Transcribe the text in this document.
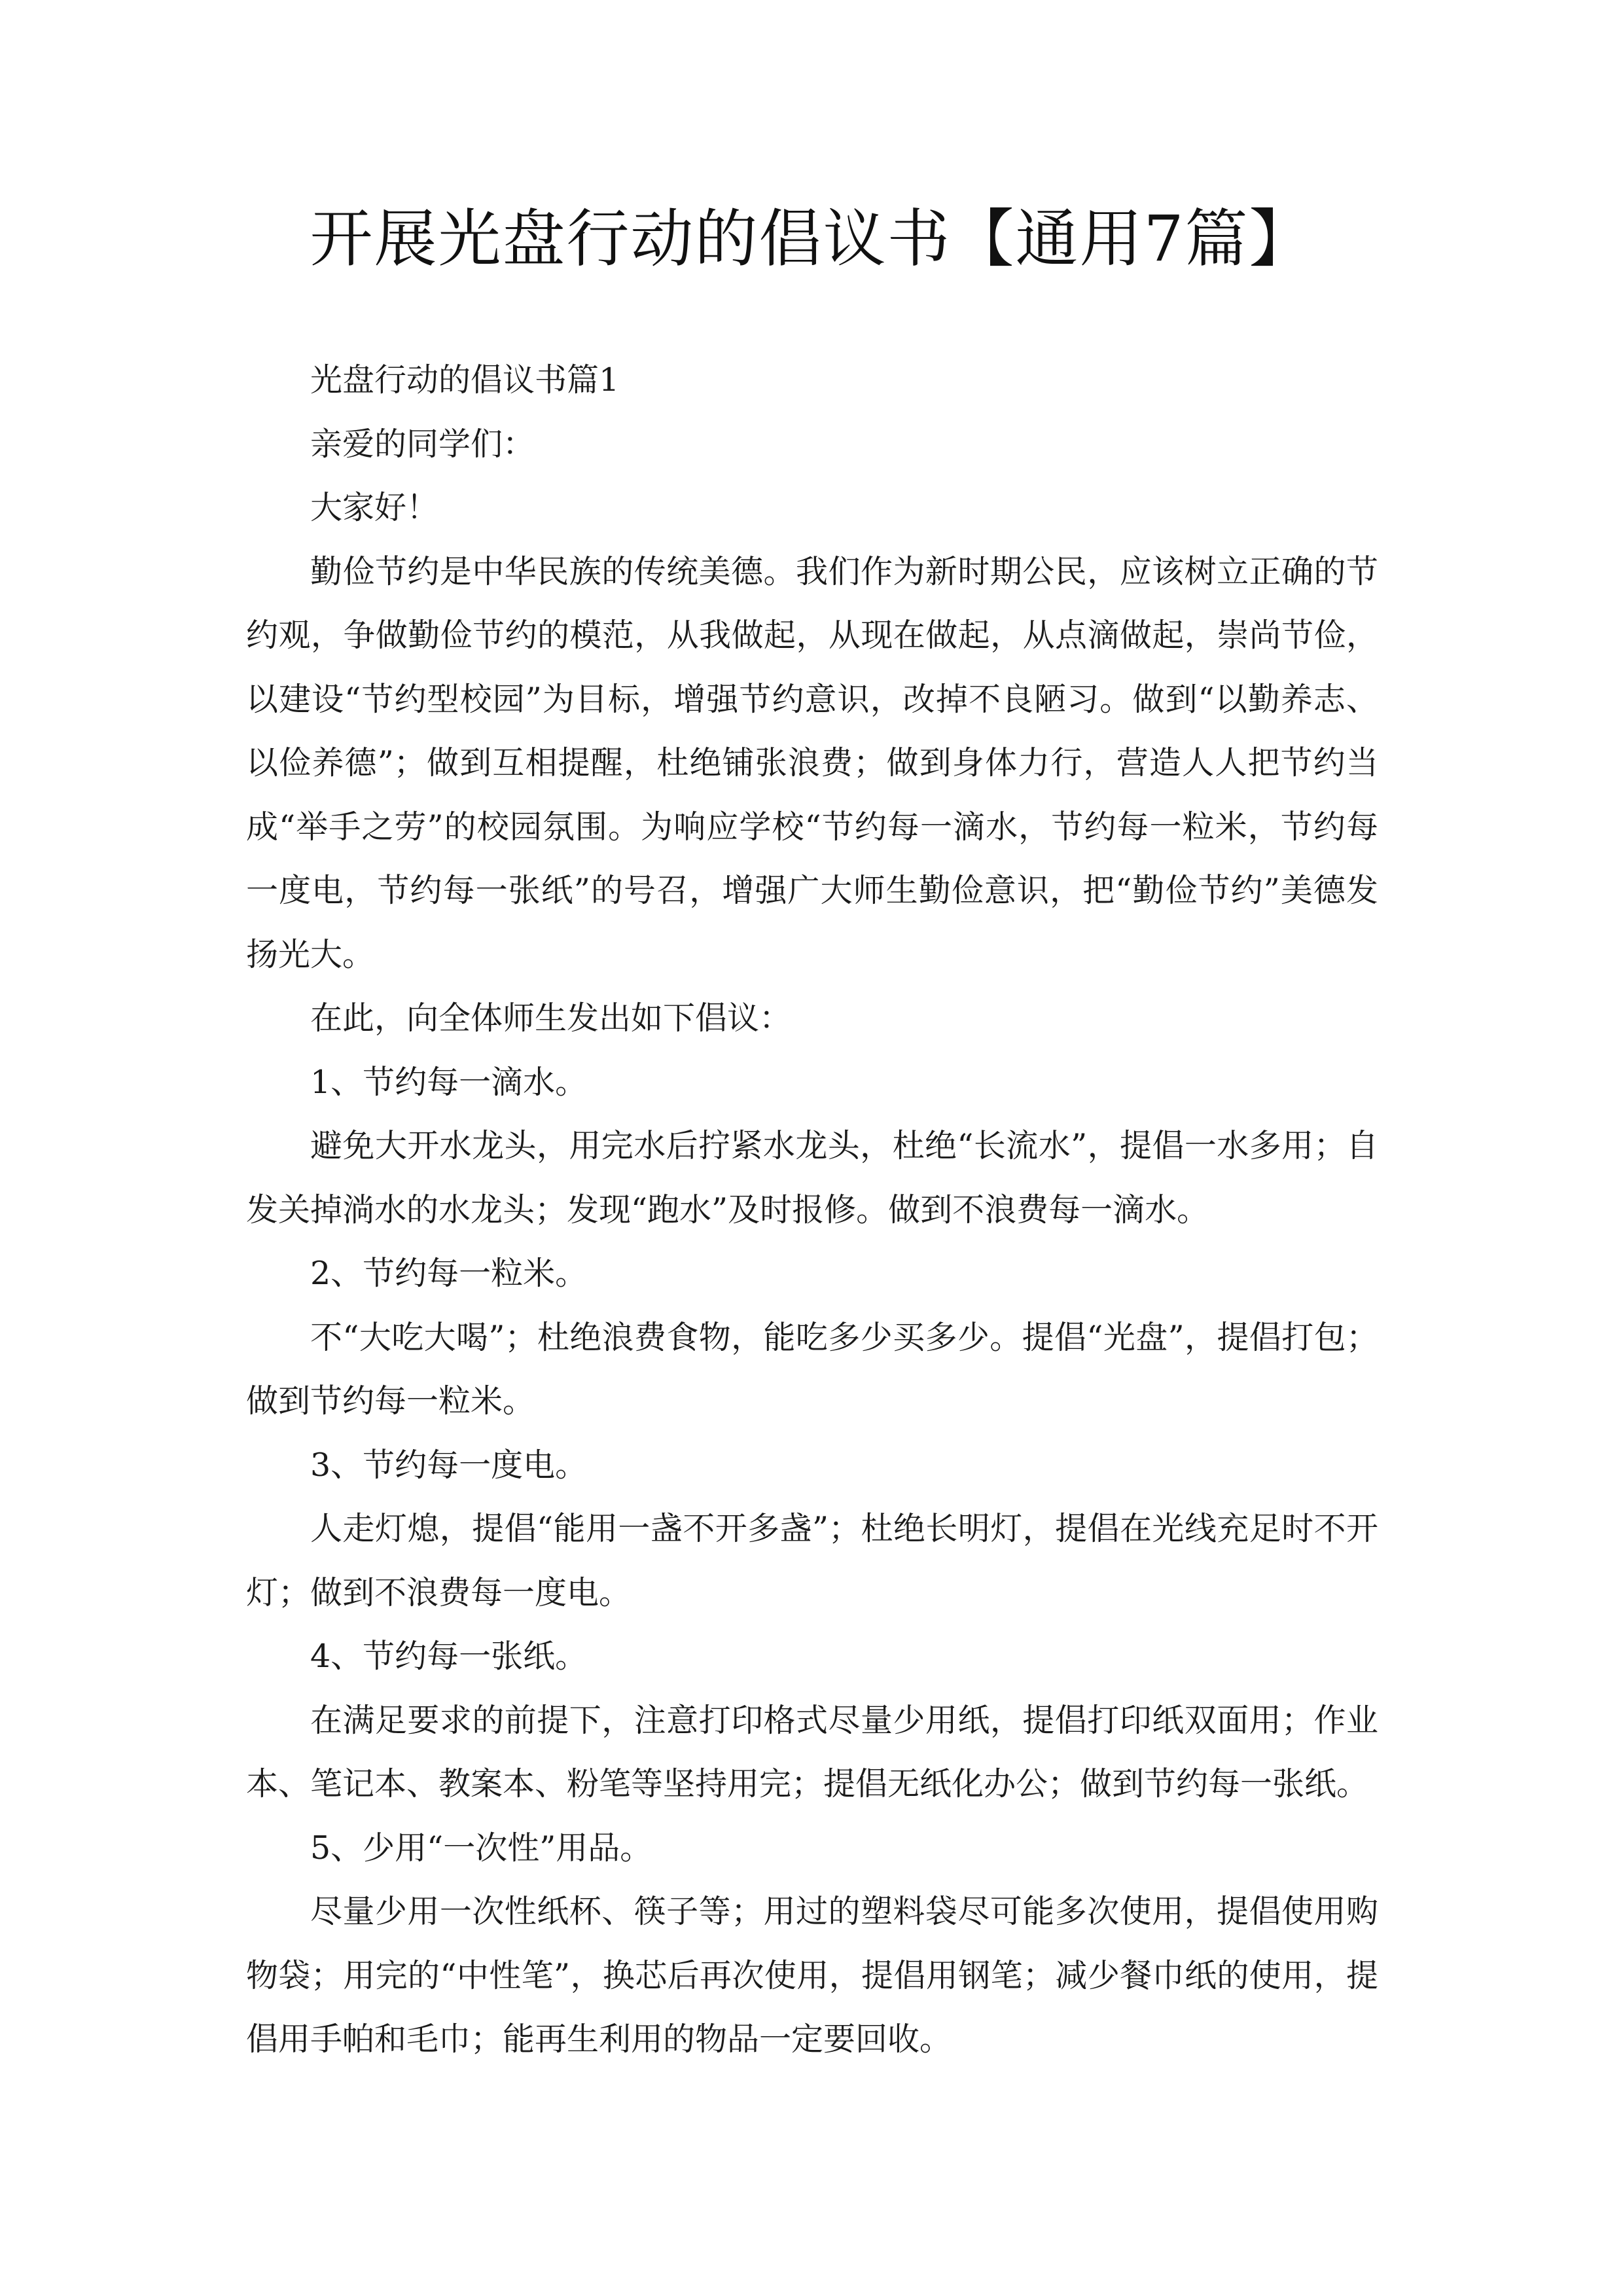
开展光盘行动的倡议书【通用7篇】

光盘行动的倡议书篇1

亲爱的同学们：

大家好！

勤俭节约是中华民族的传统美德。我们作为新时期公民，应该树立正确的节约观，争做勤俭节约的模范，从我做起，从现在做起，从点滴做起，崇尚节俭，以建设“节约型校园”为目标，增强节约意识，改掉不良陋习。做到“以勤养志、以俭养德”；做到互相提醒，杜绝铺张浪费；做到身体力行，营造人人把节约当成“举手之劳”的校园氛围。为响应学校“节约每一滴水，节约每一粒米，节约每一度电，节约每一张纸”的号召，增强广大师生勤俭意识，把“勤俭节约”美德发扬光大。

在此，向全体师生发出如下倡议：

1、节约每一滴水。

避免大开水龙头，用完水后拧紧水龙头，杜绝“长流水”，提倡一水多用；自发关掉淌水的水龙头；发现“跑水”及时报修。做到不浪费每一滴水。

2、节约每一粒米。

不“大吃大喝”；杜绝浪费食物，能吃多少买多少。提倡“光盘”，提倡打包；做到节约每一粒米。

3、节约每一度电。

人走灯熄，提倡“能用一盏不开多盏”；杜绝长明灯，提倡在光线充足时不开灯；做到不浪费每一度电。

4、节约每一张纸。

在满足要求的前提下，注意打印格式尽量少用纸，提倡打印纸双面用；作业本、笔记本、教案本、粉笔等坚持用完；提倡无纸化办公；做到节约每一张纸。

5、少用“一次性”用品。

尽量少用一次性纸杯、筷子等；用过的塑料袋尽可能多次使用，提倡使用购物袋；用完的“中性笔”，换芯后再次使用，提倡用钢笔；减少餐巾纸的使用，提倡用手帕和毛巾；能再生利用的物品一定要回收。
